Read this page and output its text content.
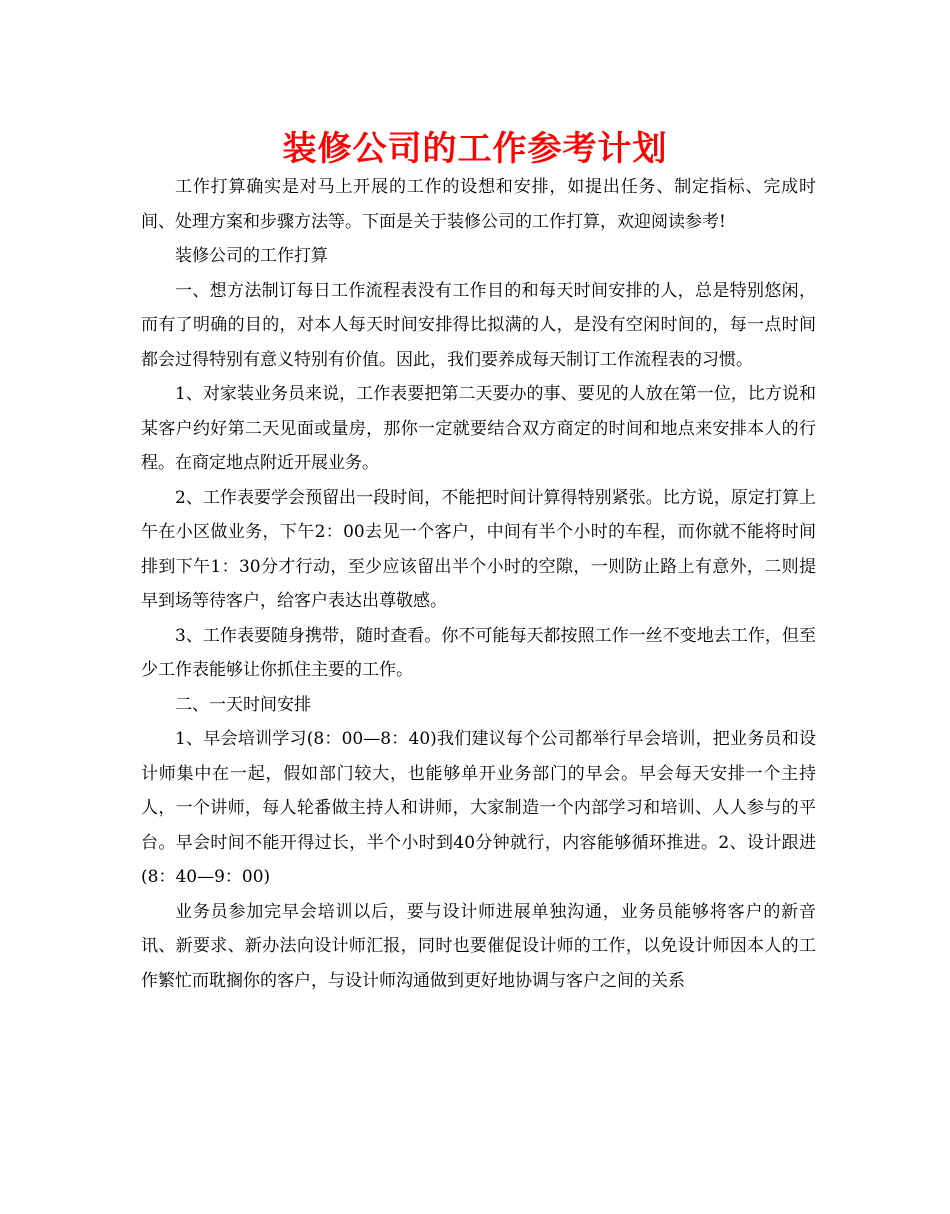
装修公司的工作参考计划

工作打算确实是对马上开展的工作的设想和安排，如提出任务、制定指标、完成时间、处理方案和步骤方法等。下面是关于装修公司的工作打算，欢迎阅读参考!

装修公司的工作打算

一、想方法制订每日工作流程表没有工作目的和每天时间安排的人，总是特别悠闲，而有了明确的目的，对本人每天时间安排得比拟满的人，是没有空闲时间的，每一点时间都会过得特别有意义特别有价值。因此，我们要养成每天制订工作流程表的习惯。

1、对家装业务员来说，工作表要把第二天要办的事、要见的人放在第一位，比方说和某客户约好第二天见面或量房，那你一定就要结合双方商定的时间和地点来安排本人的行程。在商定地点附近开展业务。

2、工作表要学会预留出一段时间，不能把时间计算得特别紧张。比方说，原定打算上午在小区做业务，下午2：00去见一个客户，中间有半个小时的车程，而你就不能将时间排到下午1：30分才行动，至少应该留出半个小时的空隙，一则防止路上有意外，二则提早到场等待客户，给客户表达出尊敬感。

3、工作表要随身携带，随时查看。你不可能每天都按照工作一丝不变地去工作，但至少工作表能够让你抓住主要的工作。

二、一天时间安排

1、早会培训学习(8：00—8：40)我们建议每个公司都举行早会培训，把业务员和设计师集中在一起，假如部门较大，也能够单开业务部门的早会。早会每天安排一个主持人，一个讲师，每人轮番做主持人和讲师，大家制造一个内部学习和培训、人人参与的平台。早会时间不能开得过长，半个小时到40分钟就行，内容能够循环推进。2、设计跟进(8：40—9：00)

业务员参加完早会培训以后，要与设计师进展单独沟通，业务员能够将客户的新音讯、新要求、新办法向设计师汇报，同时也要催促设计师的工作，以免设计师因本人的工作繁忙而耽搁你的客户，与设计师沟通做到更好地协调与客户之间的关系
